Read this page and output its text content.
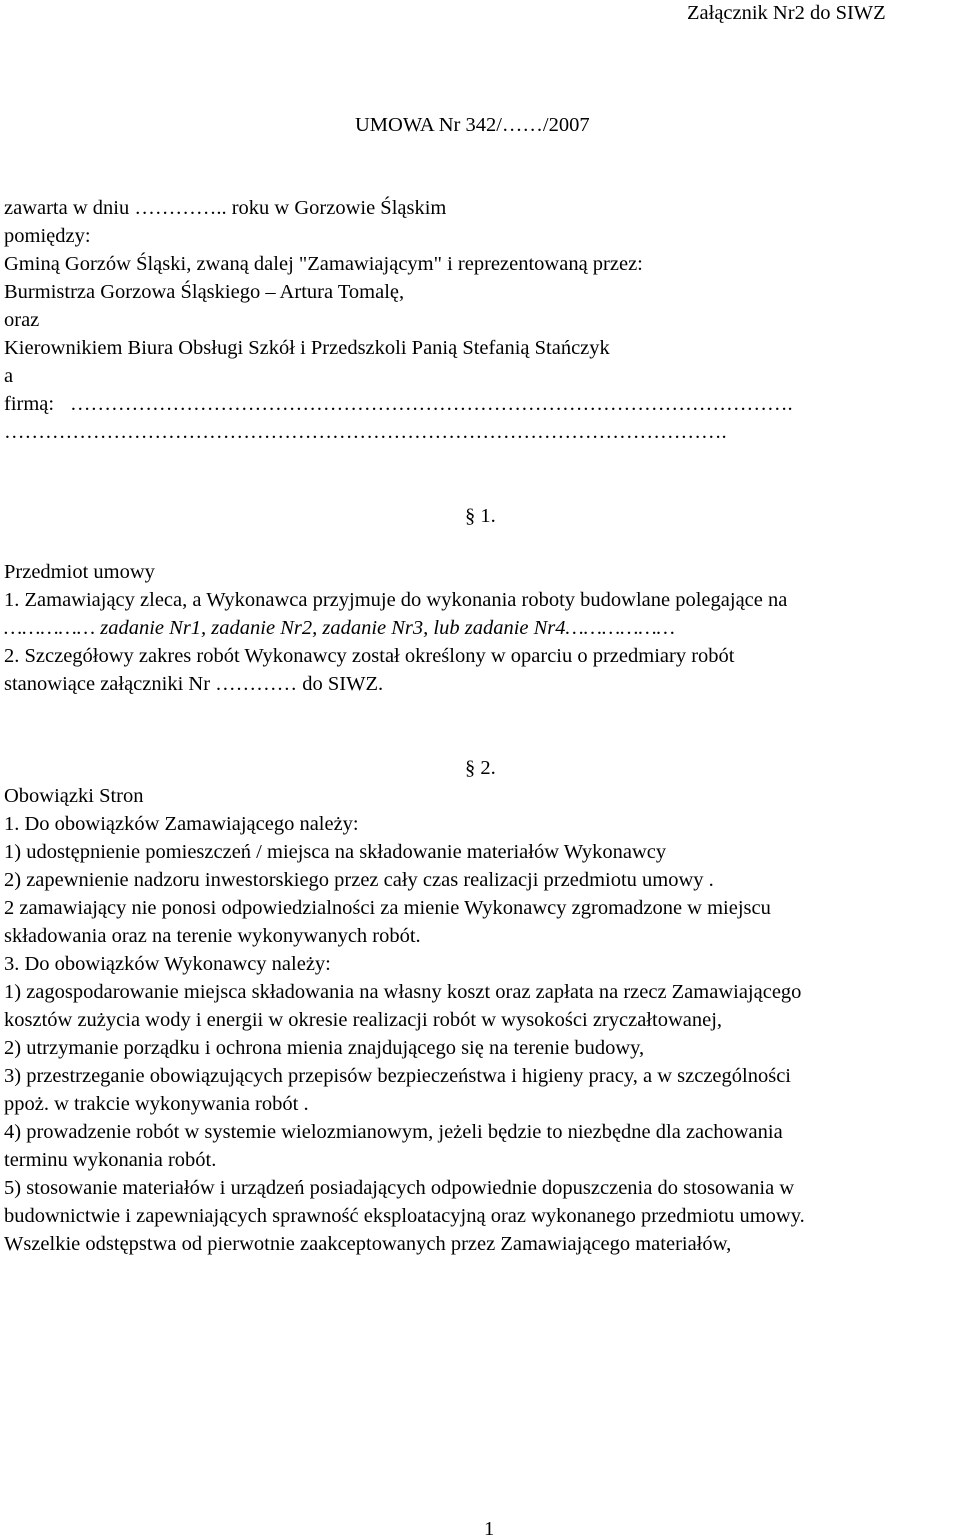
Załącznik Nr2 do SIWZ
UMOWA Nr 342/……/2007
zawarta w dniu ………….. roku w Gorzowie Śląskim
pomiędzy:
Gminą Gorzów Śląski, zwaną dalej "Zamawiającym" i reprezentowaną przez:
Burmistrza Gorzowa Śląskiego – Artura Tomalę,
oraz
Kierownikiem Biura Obsługi Szkół i Przedszkoli Panią Stefanią Stańczyk
a
firmą: …………………………………………………………………………………………….
…………………………………………………………………………………………….
§ 1.
Przedmiot umowy
1. Zamawiający zleca, a Wykonawca przyjmuje do wykonania roboty budowlane polegające na
…………… zadanie Nr1, zadanie Nr2, zadanie Nr3, lub zadanie Nr4………………
2. Szczegółowy zakres robót Wykonawcy został określony w oparciu o przedmiary robót
stanowiące załączniki Nr ………… do SIWZ.
§ 2.
Obowiązki Stron
1. Do obowiązków Zamawiającego należy:
1) udostępnienie pomieszczeń / miejsca na składowanie materiałów Wykonawcy
2) zapewnienie nadzoru inwestorskiego przez cały czas realizacji przedmiotu umowy .
2 zamawiający nie ponosi odpowiedzialności za mienie Wykonawcy zgromadzone w miejscu
składowania oraz na terenie wykonywanych robót.
3. Do obowiązków Wykonawcy należy:
1) zagospodarowanie miejsca składowania na własny koszt oraz zapłata na rzecz Zamawiającego
kosztów zużycia wody i energii w okresie realizacji robót w wysokości zryczałtowanej,
2) utrzymanie porządku i ochrona mienia znajdującego się na terenie budowy,
3) przestrzeganie obowiązujących przepisów bezpieczeństwa i higieny pracy, a w szczególności
ppoż. w trakcie wykonywania robót .
4) prowadzenie robót w systemie wielozmianowym, jeżeli będzie to niezbędne dla zachowania
terminu wykonania robót.
5) stosowanie materiałów i urządzeń posiadających odpowiednie dopuszczenia do stosowania w
budownictwie i zapewniających sprawność eksploatacyjną oraz wykonanego przedmiotu umowy.
Wszelkie odstępstwa od pierwotnie zaakceptowanych przez Zamawiającego materiałów,
1
